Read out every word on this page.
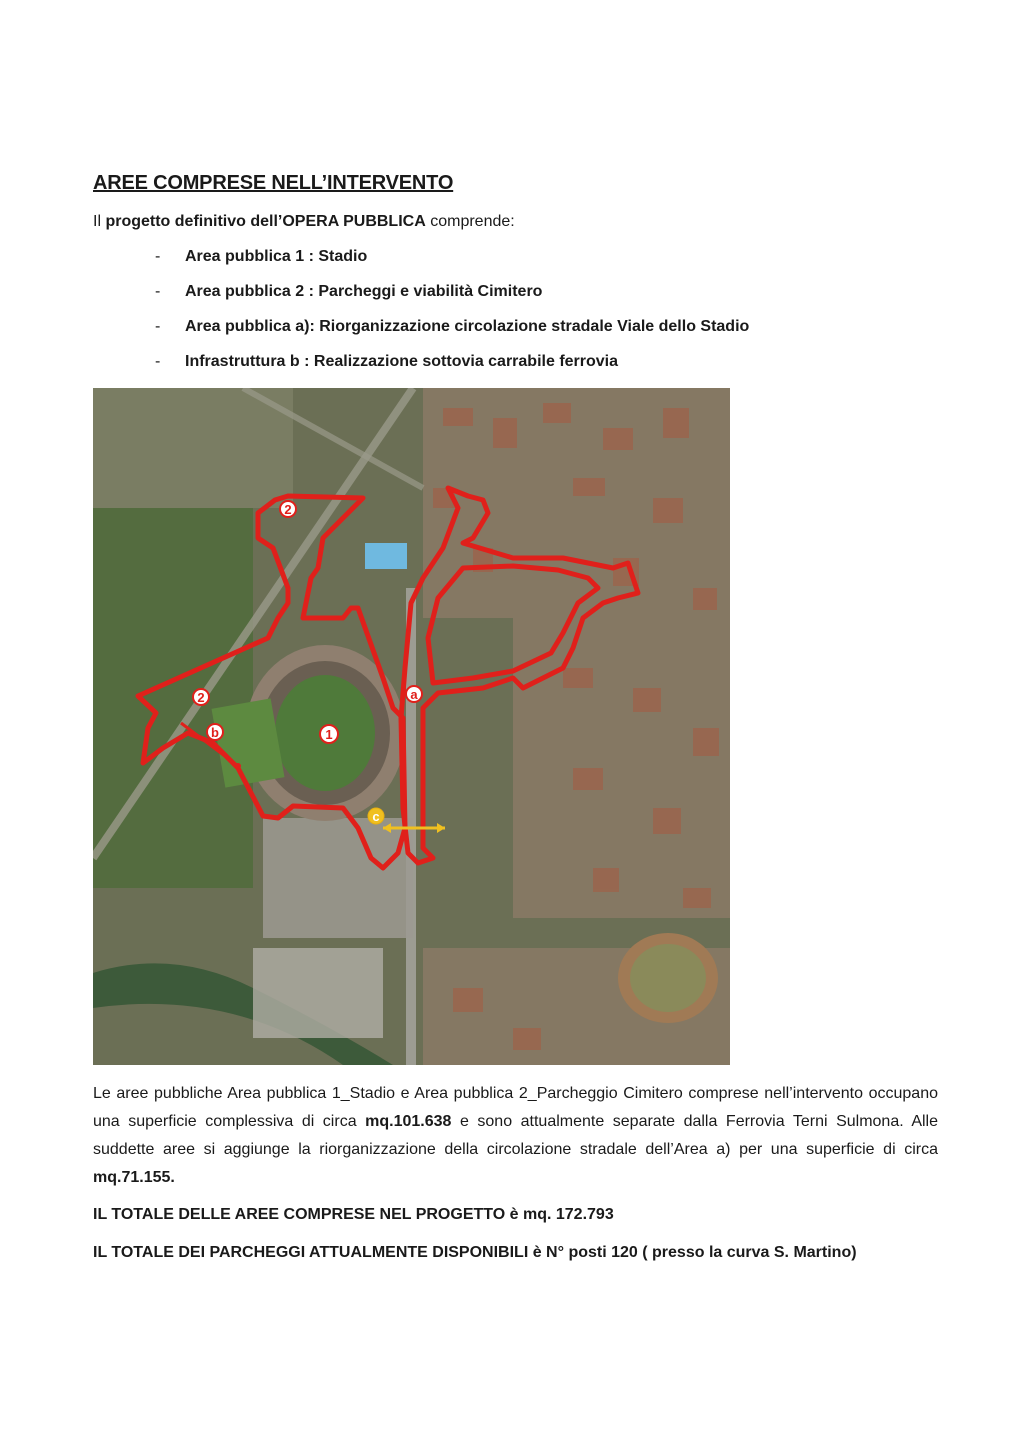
AREE COMPRESE NELL’INTERVENTO
Il progetto definitivo dell’OPERA PUBBLICA comprende:
- Area pubblica 1 : Stadio
- Area pubblica 2 : Parcheggi e viabilità Cimitero
- Area pubblica a): Riorganizzazione circolazione stradale Viale dello Stadio
- Infrastruttura b : Realizzazione sottovia carrabile ferrovia
2
2
b	1
a
c

Le aree pubbliche Area pubblica 1_Stadio e Area pubblica 2_Parcheggio Cimitero comprese nell’intervento occupano una superficie complessiva di circa mq.101.638 e sono attualmente separate dalla Ferrovia Terni Sulmona. Alle suddette aree si aggiunge la riorganizzazione della circolazione stradale dell’Area a) per una superficie di circa mq.71.155.

IL TOTALE DELLE AREE COMPRESE NEL PROGETTO è mq. 172.793
IL TOTALE DEI PARCHEGGI ATTUALMENTE DISPONIBILI è N° posti 120 ( presso la curva S. Martino)
